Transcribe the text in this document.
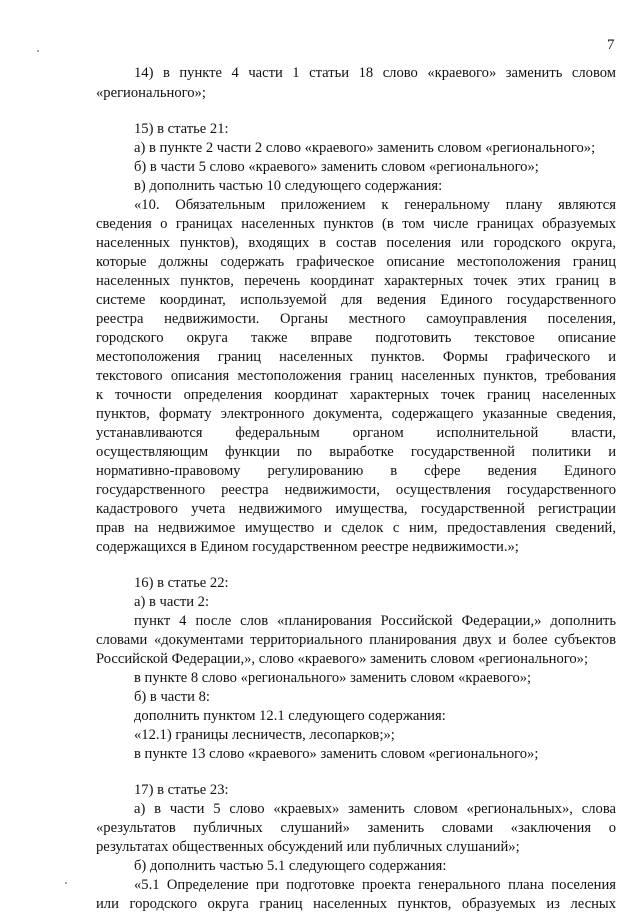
7
14) в пункте 4 части 1 статьи 18 слово «краевого» заменить словом
«регионального»;
15) в статье 21:
а) в пункте 2 части 2 слово «краевого» заменить словом «регионального»;
б) в части 5 слово «краевого» заменить словом «регионального»;
в) дополнить частью 10 следующего содержания:
«10. Обязательным приложением к генеральному плану являются
сведения о границах населенных пунктов (в том числе границах образуемых
населенных пунктов), входящих в состав поселения или городского округа,
которые должны содержать графическое описание местоположения границ
населенных пунктов, перечень координат характерных точек этих границ в
системе координат, используемой для ведения Единого государственного
реестра недвижимости. Органы местного самоуправления поселения,
городского округа также вправе подготовить текстовое описание
местоположения границ населенных пунктов. Формы графического и
текстового описания местоположения границ населенных пунктов, требования
к точности определения координат характерных точек границ населенных
пунктов, формату электронного документа, содержащего указанные сведения,
устанавливаются федеральным органом исполнительной власти,
осуществляющим функции по выработке государственной политики и
нормативно-правовому регулированию в сфере ведения Единого
государственного реестра недвижимости, осуществления государственного
кадастрового учета недвижимого имущества, государственной регистрации
прав на недвижимое имущество и сделок с ним, предоставления сведений,
содержащихся в Едином государственном реестре недвижимости.»;
16) в статье 22:
а) в части 2:
пункт 4 после слов «планирования Российской Федерации,» дополнить
словами «документами территориального планирования двух и более субъектов
Российской Федерации,», слово «краевого» заменить словом «регионального»;
в пункте 8 слово «регионального» заменить словом «краевого»;
б) в части 8:
дополнить пунктом 12.1 следующего содержания:
«12.1) границы лесничеств, лесопарков;»;
в пункте 13 слово «краевого» заменить словом «регионального»;
17) в статье 23:
а) в части 5 слово «краевых» заменить словом «региональных», слова
«результатов публичных слушаний» заменить словами «заключения о
результатах общественных обсуждений или публичных слушаний»;
б) дополнить частью 5.1 следующего содержания:
«5.1 Определение при подготовке проекта генерального плана поселения
или городского округа границ населенных пунктов, образуемых из лесных
